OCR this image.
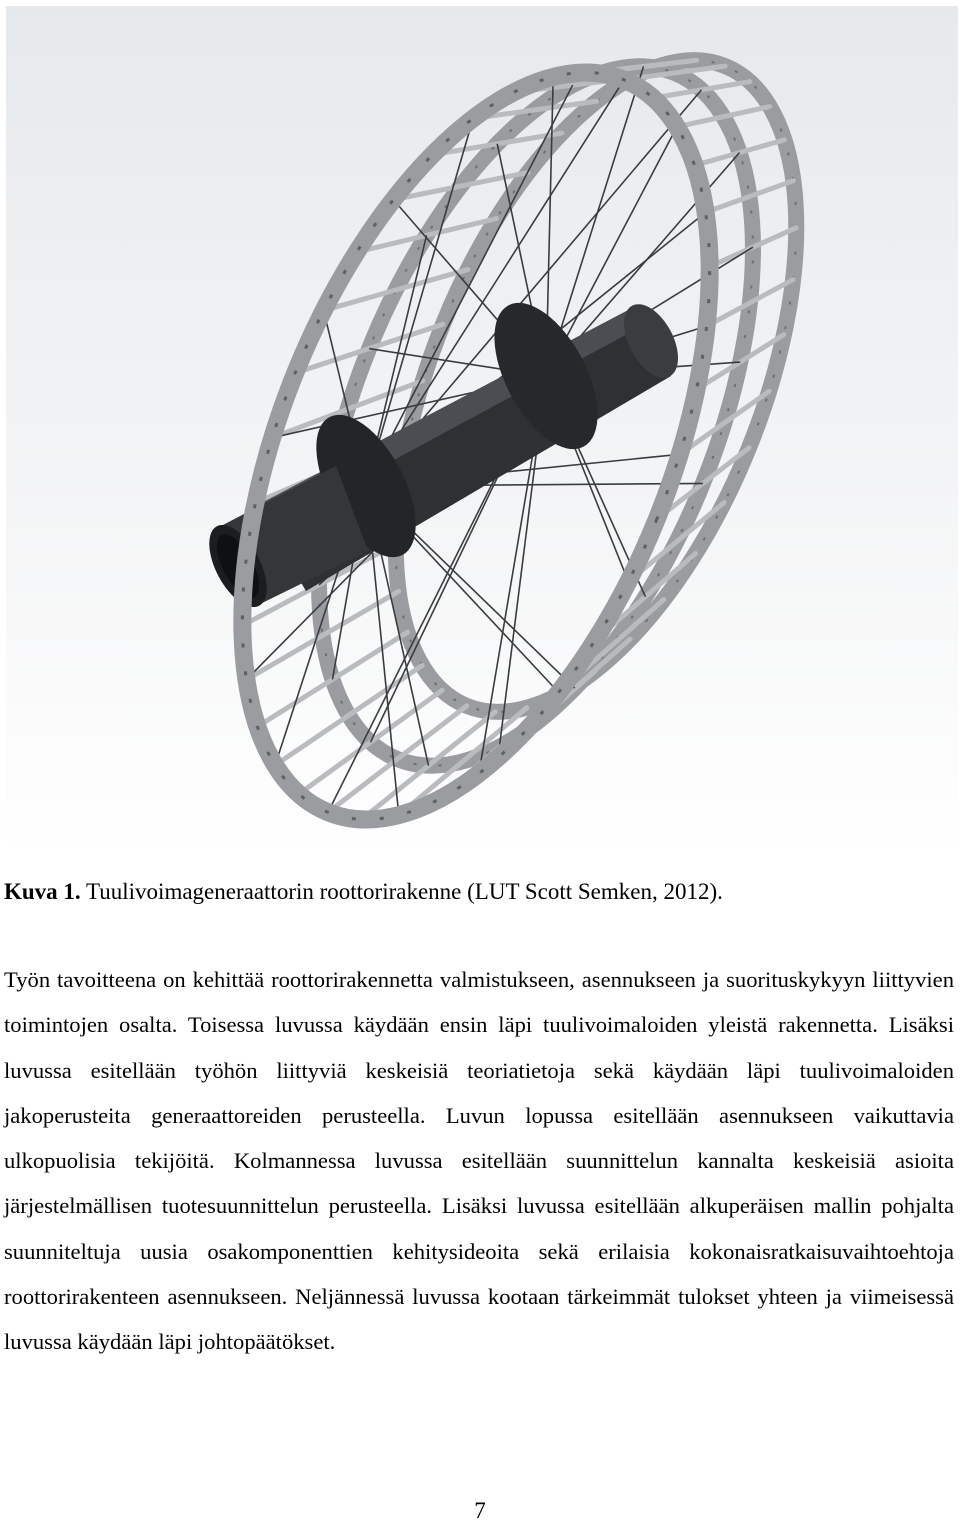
Kuva 1. Tuulivoimageneraattorin roottorirakenne (LUT Scott Semken, 2012).
Työn tavoitteena on kehittää roottorirakennetta valmistukseen, asennukseen ja suorituskykyyn liittyvien toimintojen osalta. Toisessa luvussa käydään ensin läpi tuulivoimaloiden yleistä rakennetta. Lisäksi luvussa esitellään työhön liittyviä keskeisiä teoriatietoja sekä käydään läpi tuulivoimaloiden jakoperusteita generaattoreiden perusteella. Luvun lopussa esitellään asennukseen vaikuttavia ulkopuolisia tekijöitä. Kolmannessa luvussa esitellään suunnittelun kannalta keskeisiä asioita järjestelmällisen tuotesuunnittelun perusteella. Lisäksi luvussa esitellään alkuperäisen mallin pohjalta suunniteltuja uusia osakomponenttien kehitysideoita sekä erilaisia kokonaisratkaisuvaihtoehtoja roottorirakenteen asennukseen. Neljännessä luvussa kootaan tärkeimmät tulokset yhteen ja viimeisessä luvussa käydään läpi johtopäätökset.
7
